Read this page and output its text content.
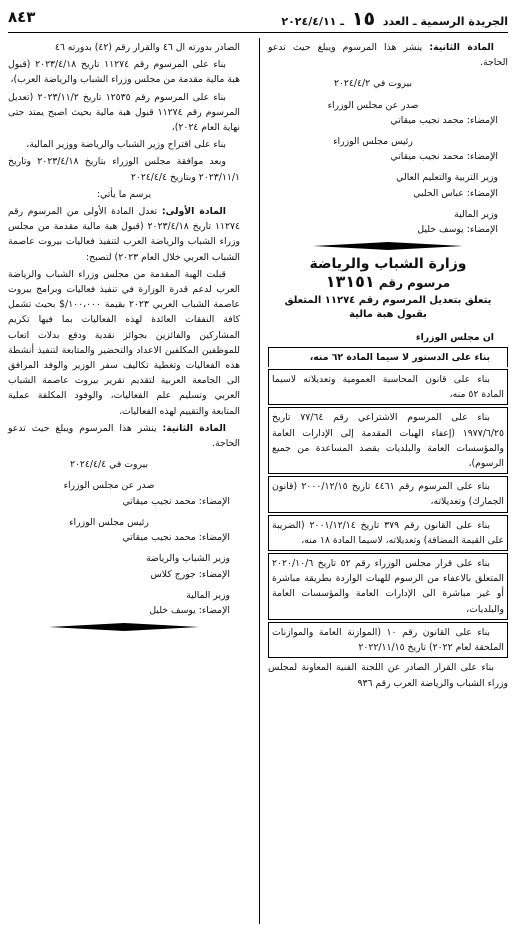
الجريدة الرسمية ـ العدد ١٥ ـ ٢٠٢٤/٤/١١
٨٤٣

المادة الثانية: ينشر هذا المرسوم ويبلغ حيث تدعو الحاجة.

بيروت في ٢٠٢٤/٤/٢

صدر عن مجلس الوزراء

الإمضاء: محمد نجيب ميقاتي

رئيس مجلس الوزراء

الإمضاء: محمد نجيب ميقاتي

وزير التربية والتعليم العالي

الإمضاء: عباس الحلبي

وزير المالية

الإمضاء: يوسف خليل

وزارة الشباب والرياضة
مرسوم رقم ١٣١٥١
يتعلق بتعديل المرسوم رقم ١١٢٧٤ المتعلق بقبول هبة مالية

ان مجلس الوزراء

بناء على الدستور لا سيما المادة ٦٢ منه،

بناء على قانون المحاسبة العمومية وتعديلاته لاسيما المادة ٥٢ منه،

بناء على المرسوم الاشتراعي رقم ٧٧/٦٤ تاريخ ١٩٧٧/٦/٢٥ (إعفاء الهبات المقدمة إلى الإدارات العامة والمؤسسات العامة والبلديات بقصد المساعدة من جميع الرسوم)،

بناء على المرسوم رقم ٤٤٦١ تاريخ ٢٠٠٠/١٢/١٥ (قانون الجمارك) وتعديلاته،

بناء على القانون رقم ٣٧٩ تاريخ ٢٠٠١/١٢/١٤ (الضريبة على القيمة المضافة) وتعديلاته، لاسيما المادة ١٨ منه،

بناء على قرار مجلس الوزراء رقم ٥٢ تاريخ ٢٠٢٠/١٠/٦ المتعلق بالاعفاء من الرسوم للهبات الواردة بطريقة مباشرة أو غير مباشرة الى الإدارات العامة والمؤسسات العامة والبلديات،

بناء على القانون رقم ١٠ (الموازنة العامة والموازنات الملحقة لعام ٢٠٢٢) تاريخ ٢٠٢٢/١١/١٥

بناء على القرار الصادر عن اللجنة الفنية المعاونة لمجلس وزراء الشباب والرياضة العرب رقم ٩٣٦

الصادر بدورته ال ٤٦ والقرار رقم (٤٢) بدورته ٤٦

بناء على المرسوم رقم ١١٢٧٤ تاريخ ٢٠٢٣/٤/١٨ (قبول هبة مالية مقدمة من مجلس وزراء الشباب والرياضة العرب)،

بناء على المرسوم رقم ١٢٥٣٥ تاريخ ٢٠٢٣/١١/٢ (تعديل المرسوم رقم ١١٢٧٤ قبول هبة مالية بحيث اصبح يمتد حتى نهاية العام ٢٠٢٤)،

بناء على اقتراح وزير الشباب والرياضة ووزير المالية،

وبعد موافقة مجلس الوزراء بتاريخ ٢٠٢٣/٤/١٨ وتاريخ ٢٠٢٣/١١/١ وبتاريخ ٢٠٢٤/٤/٤

يرسم ما يأتي:

المادة الأولى: تعدل المادة الأولى من المرسوم رقم ١١٢٧٤ تاريخ ٢٠٢٣/٤/١٨ (قبول هبة مالية مقدمة من مجلس وزراء الشباب والرياضة العرب لتنفيذ فعاليات بيروت عاصمة الشباب العربي خلال العام ٢٠٢٣) لتصبح:

قبلت الهبة المقدمة من مجلس وزراء الشباب والرياضة العرب لدعم قدرة الوزارة في تنفيذ فعاليات وبرامج بيروت عاصمة الشباب العربي ٢٠٢٣ بقيمة ١٠٠،٠٠٠/$ بحيث تشمل كافة النفقات العائدة لهذه الفعاليات بما فيها تكريم المشاركين والفائزين بجوائز نقدية ودفع بدلات اتعاب للموظفين المكلفين الاعداد والتحضير والمتابعة لتنفيذ أنشطة هذه الفعاليات وتغطية تكاليف سفر الوزير والوفد المرافق الى الجامعة العربية لتقديم تقرير بيروت عاصمة الشباب العربي وتسليم علم الفعاليات، والوفود المكلفة عملية المتابعة والتقييم لهذه الفعاليات.

المادة الثانية: ينشر هذا المرسوم ويبلغ حيث تدعو الحاجة.

بيروت في ٢٠٢٤/٤/٤

صدر عن مجلس الوزراء

الإمضاء: محمد نجيب ميقاتي

رئيس مجلس الوزراء

الإمضاء: محمد نجيب ميقاتي

وزير الشباب والرياضة

الإمضاء: جورج كلاس

وزير المالية

الإمضاء: يوسف خليل
